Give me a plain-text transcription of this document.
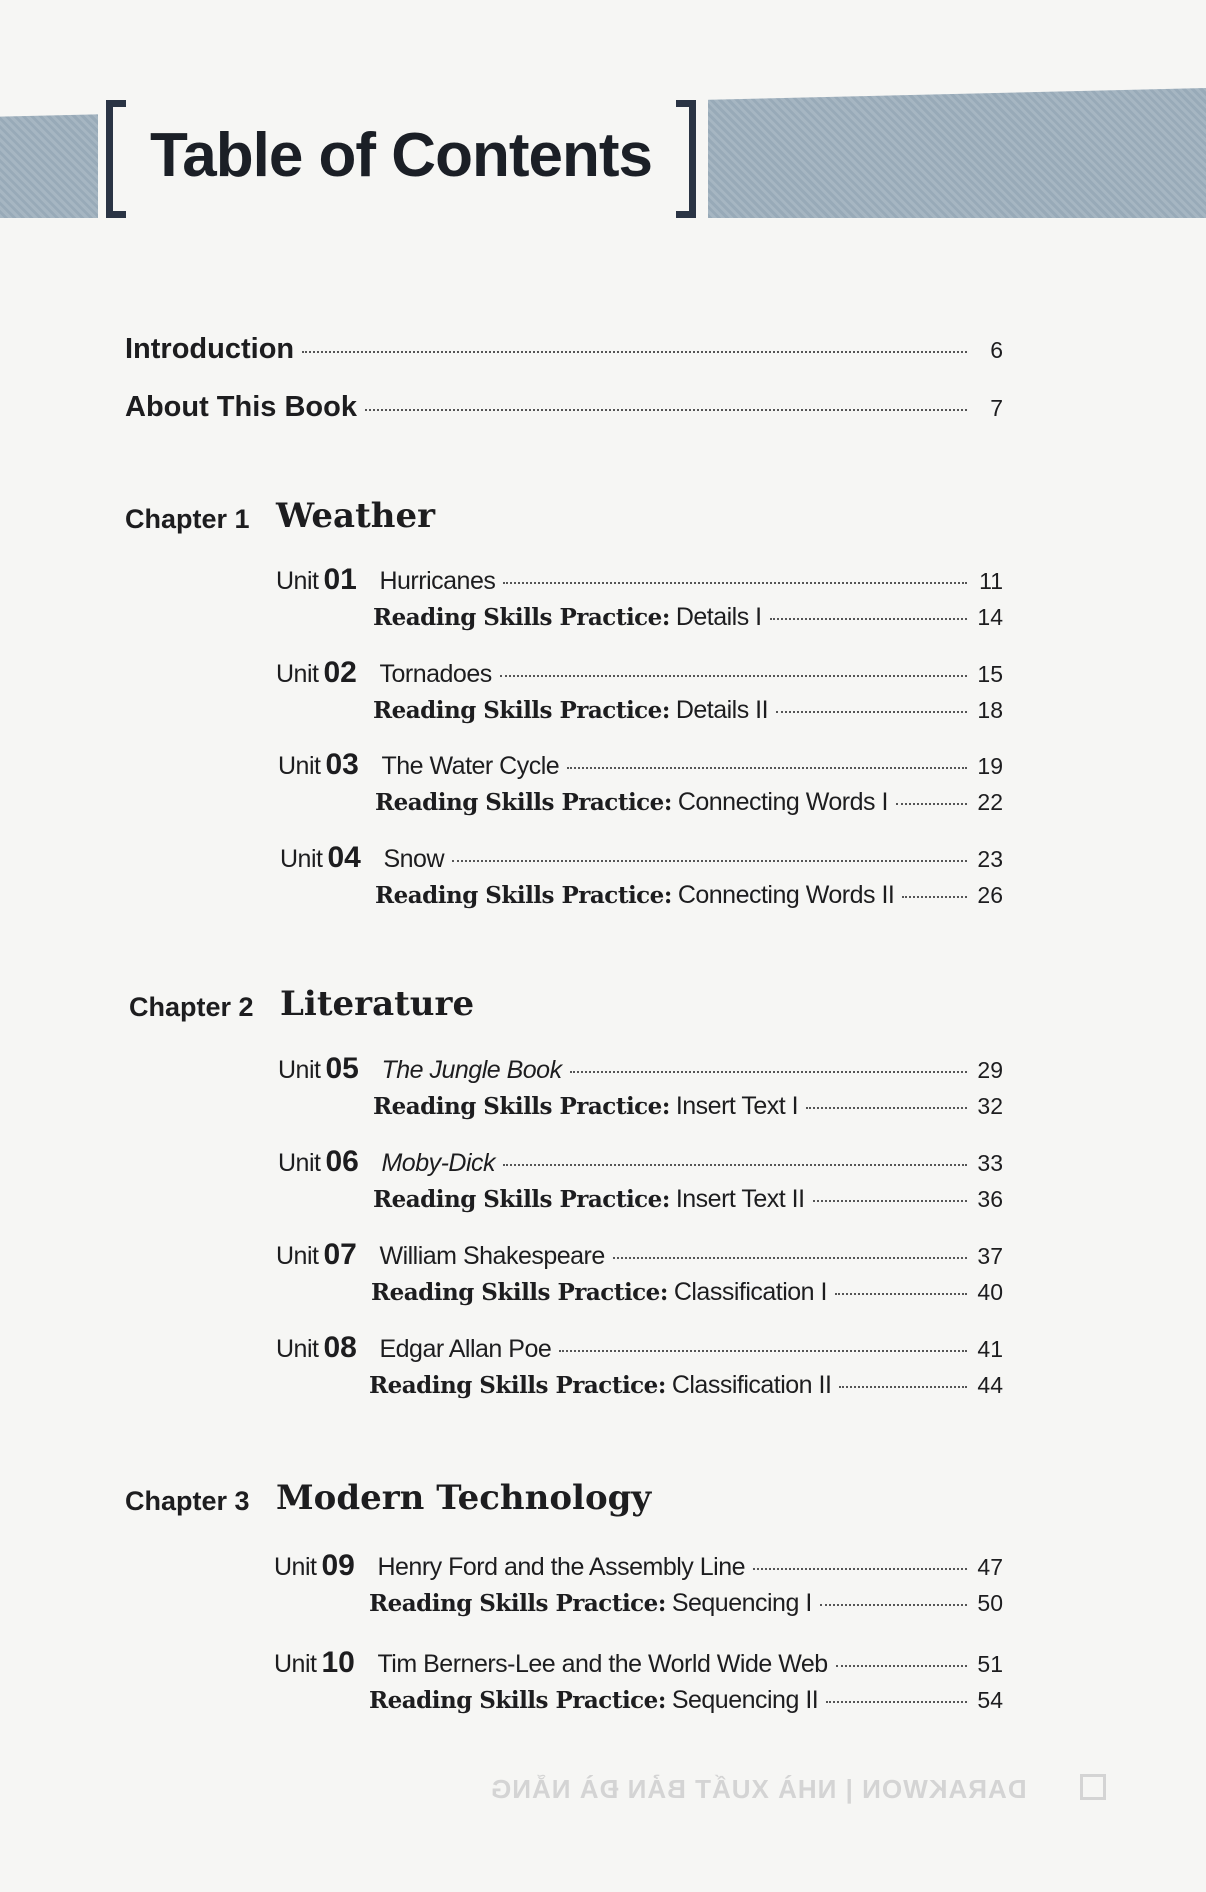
Table of Contents
Introduction	6
About This Book	7
Chapter 1 Weather
Unit 01 Hurricanes	11
Reading Skills Practice: Details I	14
Unit 02 Tornadoes	15
Reading Skills Practice: Details II	18
Unit 03 The Water Cycle	19
Reading Skills Practice: Connecting Words I	22
Unit 04 Snow	23
Reading Skills Practice: Connecting Words II	26
Chapter 2 Literature
Unit 05 The Jungle Book	29
Reading Skills Practice: Insert Text I	32
Unit 06 Moby-Dick	33
Reading Skills Practice: Insert Text II	36
Unit 07 William Shakespeare	37
Reading Skills Practice: Classification I	40
Unit 08 Edgar Allan Poe	41
Reading Skills Practice: Classification II	44
Chapter 3 Modern Technology
Unit 09 Henry Ford and the Assembly Line	47
Reading Skills Practice: Sequencing I	50
Unit 10 Tim Berners-Lee and the World Wide Web	51
Reading Skills Practice: Sequencing II	54
DARAKWON | NHÀ XUẤT BẢN ĐÀ NẴNG
